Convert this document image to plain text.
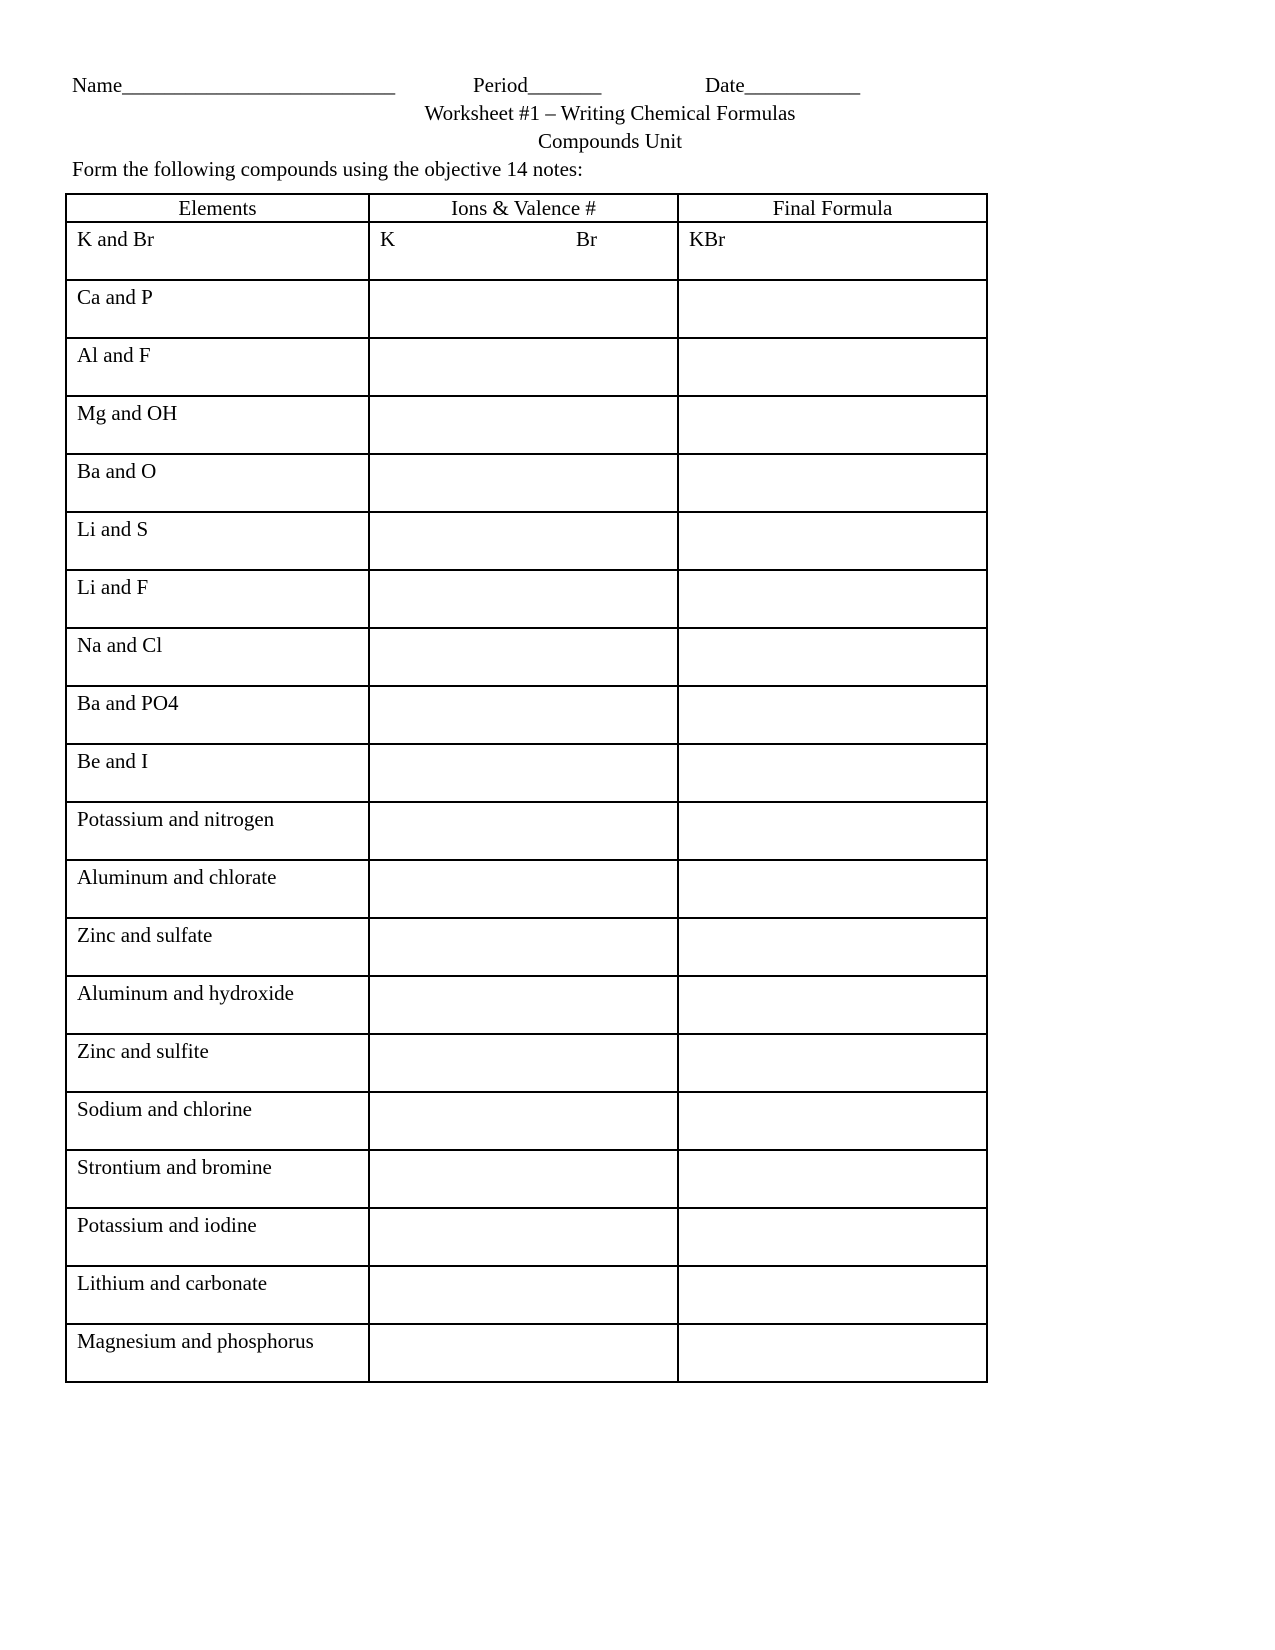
Name__________________________

	Period_______

	Date___________

Worksheet #1 – Writing Chemical Formulas
Compounds Unit
Form the following compounds using the objective 14 notes:
Elements	Ions & Valence #	Final Formula
K and Br	K Br	KBr
Ca and P	

Al and F	

Mg and OH	

Ba and O	

Li and S	

Li and F	

Na and Cl	

Ba and PO4	

Be and I	

Potassium and nitrogen	

Aluminum and chlorate	

Zinc and sulfate	

Aluminum and hydroxide	

Zinc and sulfite	

Sodium and chlorine	

Strontium and bromine	

Potassium and iodine	

Lithium and carbonate	

Magnesium and phosphorus	
